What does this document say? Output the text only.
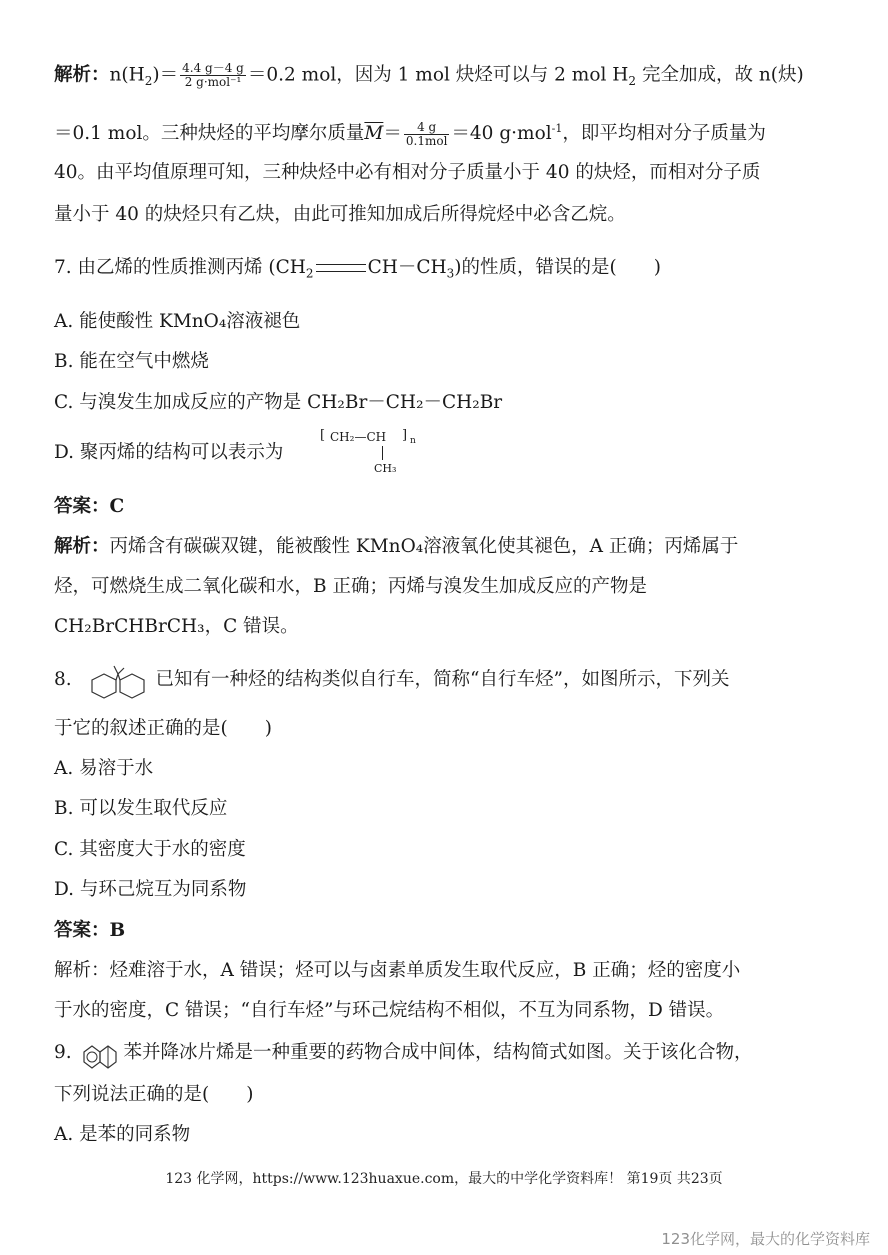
解析：$n(H_2)= \frac{4.4 g-4 g}{\text{2 g·mol⁻¹}} =0.2$ mol，因为 1 mol 炔烃可以与 2 mol $H_2$ 完全加成，故 n(炔)
＝0.1 mol。三种炔烃的平均摩尔质量$\overline{M}= \frac{4 g}{\text{0.1mol}} =40$ g·mol$^{-1}$，即平均相对分子质量为
40。由平均值原理可知，三种炔烃中必有相对分子质量小于 40 的炔烃，而相对分子质
量小于 40 的炔烃只有乙炔，由此可推知加成后所得烷烃中必含乙烷。
7. 由乙烯的性质推测丙烯 ($CH_2$	$CH-CH_3$)的性质，错误的是(　　)
A. 能使酸性 KMnO₄溶液褪色
B. 能在空气中燃烧
C. 与溴发生加成反应的产物是 CH₂Br－CH₂－CH₂Br
D. 聚丙烯的结构可以表示为
[ CH₂—CH ] n
CH₃
答案：C
解析：丙烯含有碳碳双键，能被酸性 KMnO₄溶液氧化使其褪色，A 正确；丙烯属于
烃，可燃烧生成二氧化碳和水，B 正确；丙烯与溴发生加成反应的产物是
CH₂BrCHBrCH₃，C 错误。
8.	已知有一种烃的结构类似自行车，简称“自行车烃”，如图所示，下列关
于它的叙述正确的是(　　)
A. 易溶于水
B. 可以发生取代反应
C. 其密度大于水的密度
D. 与环己烷互为同系物
答案：B
解析：烃难溶于水，A 错误；烃可以与卤素单质发生取代反应，B 正确；烃的密度小
于水的密度，C 错误；“自行车烃”与环己烷结构不相似，不互为同系物，D 错误。
9.	苯并降冰片烯是一种重要的药物合成中间体，结构简式如图。关于该化合物，
下列说法正确的是(　　)
A. 是苯的同系物
123 化学网，https://www.123huaxue.com，最大的中学化学资料库！ 第19页 共23页
123化学网，最大的化学资料库
